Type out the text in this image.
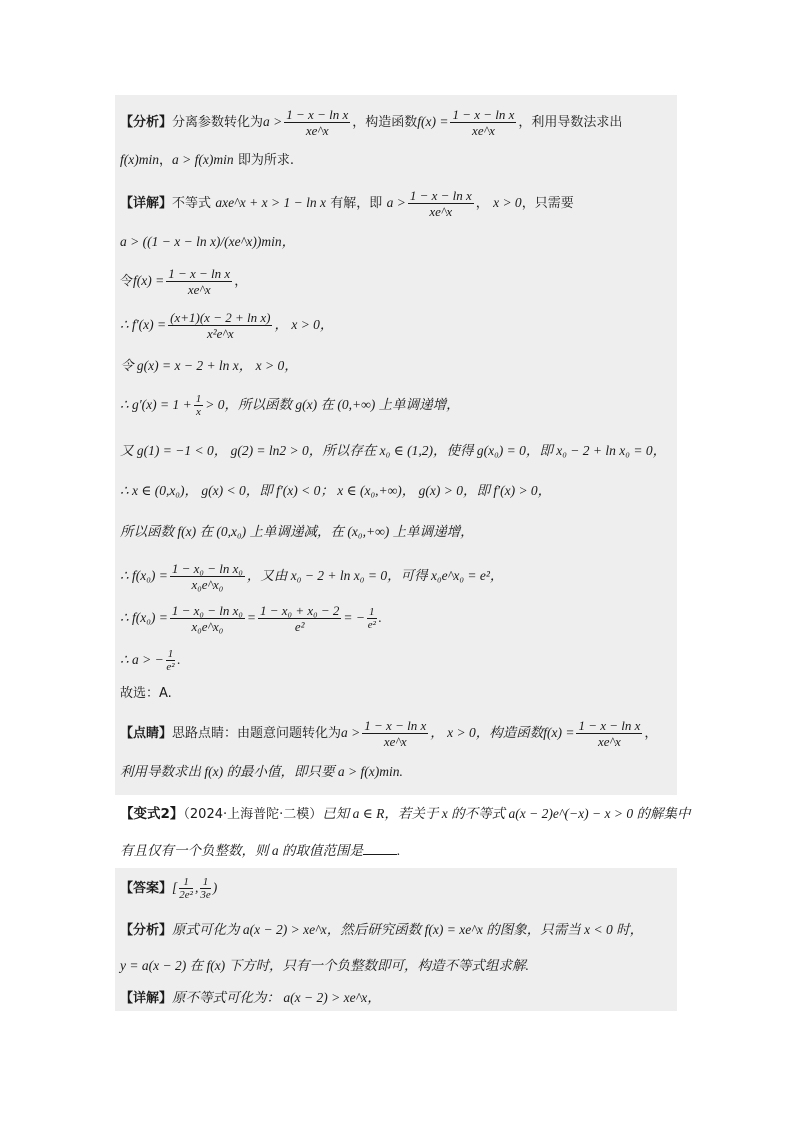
【分析】分离参数转化为$a > \frac{\text{1 − x − ln x}}{xe\^{}x}$ ，构造函数$f(x) = \frac{\text{1 − x − ln x}}{xe\^{}x}$ ，利用导数法求出
f(x)min，a > f(x)min 即为所求.
【详解】不等式 axe^x + x > 1 − ln x 有解，即 $a > \frac{\text{1 − x − ln x}}{xe\^{}x}$ ， x > 0，只需要
a > ((1 − x − ln x)/(xe^x))min，
令$f(x) = \frac{\text{1 − x − ln x}}{xe\^{}x}$ ，
∴ $f'(x) = \frac{\text{(x+1)(x − 2 + ln x)}}{\text{x²e\textasciicircum{}x}}$ ， x > 0，
令 g(x) = x − 2 + ln x， x > 0，
∴ $g'(x) = 1 + \frac{1}{x} > 0$，所以函数 g(x) 在 (0,+∞) 上单调递增，
又 g(1) = −1 < 0， g(2) = ln2 > 0，所以存在 x₀ ∈ (1,2)，使得 g(x₀) = 0，即 x₀ − 2 + ln x₀ = 0，
∴ x ∈ (0,x₀)， g(x) < 0，即 f′(x) < 0； x ∈ (x₀,+∞)， g(x) > 0，即 f′(x) > 0，
所以函数 f(x) 在 (0,x₀) 上单调递减，在 (x₀,+∞) 上单调递增，
∴ $f(x_0) = \frac{\text{1 − x₀ − ln x₀}}{\text{x₀e\textasciicircum{}x₀}}$ ，又由 x₀ − 2 + ln x₀ = 0，可得 x₀e^x₀ = e²，
∴ $f(x_0) = \frac{\text{1 − x₀ − ln x₀}}{\text{x₀e\textasciicircum{}x₀}} = \frac{\text{1 − x₀ + x₀ − 2}}{\text{e²}}$ = − $\frac{1}{\text{e²}}$ .
∴ a > − $\frac{1}{\text{e²}}$ .
故选：A.
【点睛】思路点睛：由题意问题转化为$a > \frac{\text{1 − x − ln x}}{xe\^{}x}$ ， x > 0，构造函数$f(x) = \frac{\text{1 − x − ln x}}{xe\^{}x}$ ，
利用导数求出 f(x) 的最小值，即只要 a > f(x)min.
【变式2】（2024·上海普陀·二模）已知 a ∈ R，若关于 x 的不等式 a(x − 2)e^(−x) − x > 0 的解集中
有且仅有一个负整数，则 a 的取值范围是	.
【答案】[ $\frac{1}{\text{2e²}}$ , $\frac{1}{3e}$ )
【分析】原式可化为 a(x − 2) > xe^x，然后研究函数 f(x) = xe^x 的图象，只需当 x < 0 时，
y = a(x − 2) 在 f(x) 下方时，只有一个负整数即可，构造不等式组求解.
【详解】原不等式可化为： a(x − 2) > xe^x，
